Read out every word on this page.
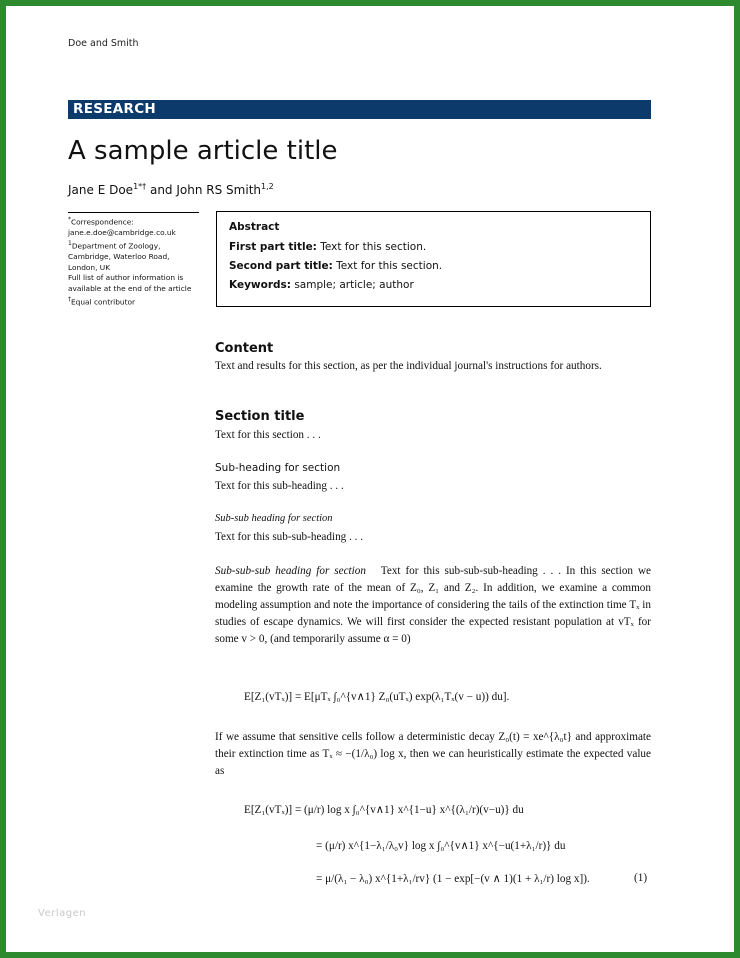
Doe and Smith
RESEARCH
A sample article title
Jane E Doe$^{1*\dagger}$ and John RS Smith$^{1,2}$
*Correspondence:
jane.e.doe@cambridge.co.uk
$^1$Department of Zoology,
Cambridge, Waterloo Road,
London, UK
Full list of author information is
available at the end of the article
†Equal contributor
Abstract
First part title: Text for this section.
Second part title: Text for this section.
Keywords: sample; article; author
Content
Text and results for this section, as per the individual journal's instructions for authors.
Section title
Text for this section . . .
Sub-heading for section
Text for this sub-heading . . .
Sub-sub heading for section
Text for this sub-sub-heading . . .
Sub-sub-sub heading for section Text for this sub-sub-sub-heading . . . In this section we examine the growth rate of the mean of Z₀, Z₁ and Z₂. In addition, we examine a common modeling assumption and note the importance of considering the tails of the extinction time Tₓ in studies of escape dynamics. We will first consider the expected resistant population at vTₓ for some v > 0, (and temporarily assume α = 0)
E[Z₁(vTₓ)] = E[μTₓ ∫₀^{v∧1} Z₀(uTₓ) exp(λ₁Tₓ(v − u)) du].
If we assume that sensitive cells follow a deterministic decay Z₀(t) = xe^{λ₀t} and approximate their extinction time as Tₓ ≈ −(1/λ₀) log x, then we can heuristically estimate the expected value as
E[Z₁(vTₓ)] = (μ/r) log x ∫₀^{v∧1} x^{1−u} x^{(λ₁/r)(v−u)} du
= (μ/r) x^{1−λ₁/λ₀v} log x ∫₀^{v∧1} x^{−u(1+λ₁/r)} du
= μ/(λ₁ − λ₀) x^{1+λ₁/rv} (1 − exp[−(v ∧ 1)(1 + λ₁/r) log x]).	(1)
Verlagen
